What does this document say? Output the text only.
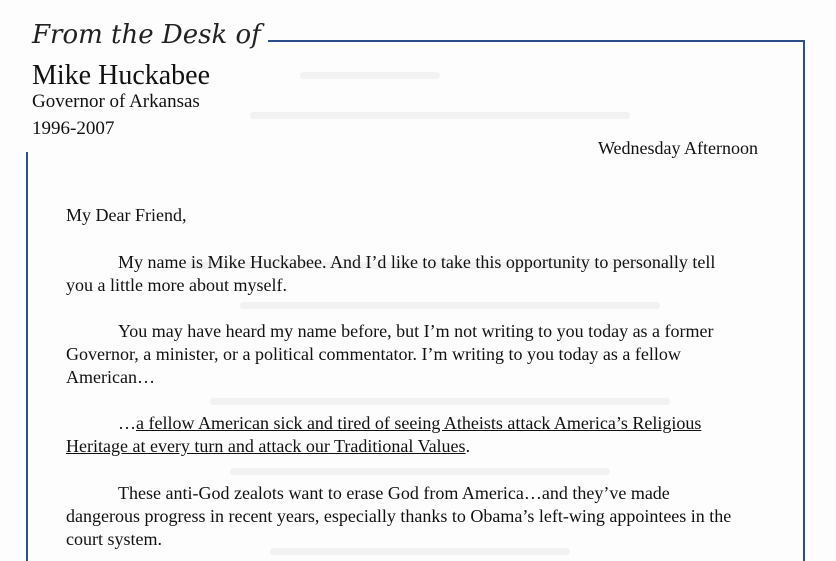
From the Desk of
Mike Huckabee
Governor of Arkansas
1996-2007
Wednesday Afternoon
My Dear Friend,
My name is Mike Huckabee. And I’d like to take this opportunity to personally tell
you a little more about myself.
You may have heard my name before, but I’m not writing to you today as a former
Governor, a minister, or a political commentator. I’m writing to you today as a fellow
American…
…a fellow American sick and tired of seeing Atheists attack America’s Religious
Heritage at every turn and attack our Traditional Values.
These anti-God zealots want to erase God from America…and they’ve made
dangerous progress in recent years, especially thanks to Obama’s left-wing appointees in the
court system.
